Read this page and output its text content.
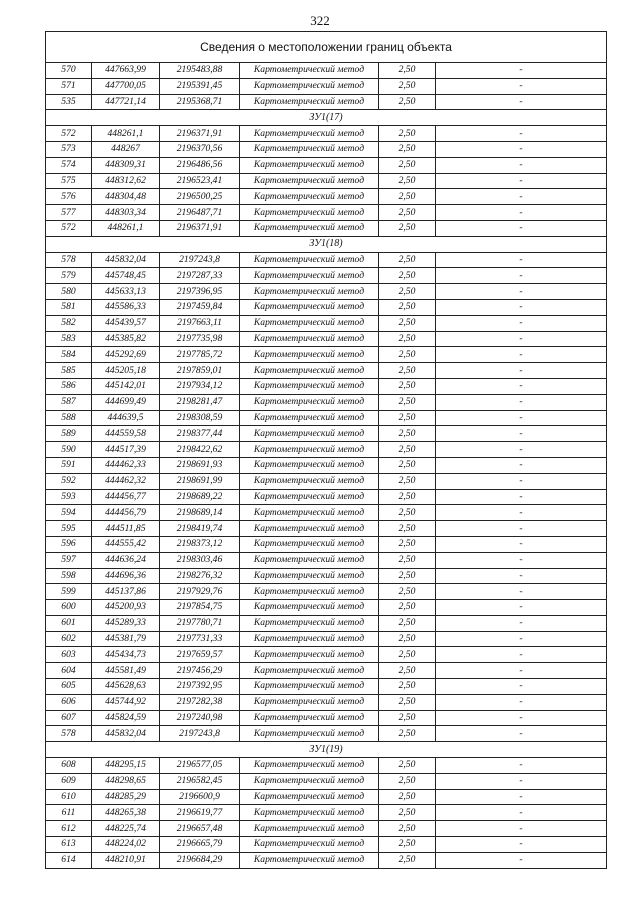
322
Сведения о местоположении границ объекта					
570	447663,99	2195483,88	Картометрический метод	2,50	-
571	447700,05	2195391,45	Картометрический метод	2,50	-
535	447721,14	2195368,71	Картометрический метод	2,50	-
ЗУ1(17)					
572	448261,1	2196371,91	Картометрический метод	2,50	-
573	448267	2196370,56	Картометрический метод	2,50	-
574	448309,31	2196486,56	Картометрический метод	2,50	-
575	448312,62	2196523,41	Картометрический метод	2,50	-
576	448304,48	2196500,25	Картометрический метод	2,50	-
577	448303,34	2196487,71	Картометрический метод	2,50	-
572	448261,1	2196371,91	Картометрический метод	2,50	-
ЗУ1(18)					
578	445832,04	2197243,8	Картометрический метод	2,50	-
579	445748,45	2197287,33	Картометрический метод	2,50	-
580	445633,13	2197396,95	Картометрический метод	2,50	-
581	445586,33	2197459,84	Картометрический метод	2,50	-
582	445439,57	2197663,11	Картометрический метод	2,50	-
583	445385,82	2197735,98	Картометрический метод	2,50	-
584	445292,69	2197785,72	Картометрический метод	2,50	-
585	445205,18	2197859,01	Картометрический метод	2,50	-
586	445142,01	2197934,12	Картометрический метод	2,50	-
587	444699,49	2198281,47	Картометрический метод	2,50	-
588	444639,5	2198308,59	Картометрический метод	2,50	-
589	444559,58	2198377,44	Картометрический метод	2,50	-
590	444517,39	2198422,62	Картометрический метод	2,50	-
591	444462,33	2198691,93	Картометрический метод	2,50	-
592	444462,32	2198691,99	Картометрический метод	2,50	-
593	444456,77	2198689,22	Картометрический метод	2,50	-
594	444456,79	2198689,14	Картометрический метод	2,50	-
595	444511,85	2198419,74	Картометрический метод	2,50	-
596	444555,42	2198373,12	Картометрический метод	2,50	-
597	444636,24	2198303,46	Картометрический метод	2,50	-
598	444696,36	2198276,32	Картометрический метод	2,50	-
599	445137,86	2197929,76	Картометрический метод	2,50	-
600	445200,93	2197854,75	Картометрический метод	2,50	-
601	445289,33	2197780,71	Картометрический метод	2,50	-
602	445381,79	2197731,33	Картометрический метод	2,50	-
603	445434,73	2197659,57	Картометрический метод	2,50	-
604	445581,49	2197456,29	Картометрический метод	2,50	-
605	445628,63	2197392,95	Картометрический метод	2,50	-
606	445744,92	2197282,38	Картометрический метод	2,50	-
607	445824,59	2197240,98	Картометрический метод	2,50	-
578	445832,04	2197243,8	Картометрический метод	2,50	-
ЗУ1(19)					
608	448295,15	2196577,05	Картометрический метод	2,50	-
609	448298,65	2196582,45	Картометрический метод	2,50	-
610	448285,29	2196600,9	Картометрический метод	2,50	-
611	448265,38	2196619,77	Картометрический метод	2,50	-
612	448225,74	2196657,48	Картометрический метод	2,50	-
613	448224,02	2196665,79	Картометрический метод	2,50	-
614	448210,91	2196684,29	Картометрический метод	2,50	-
